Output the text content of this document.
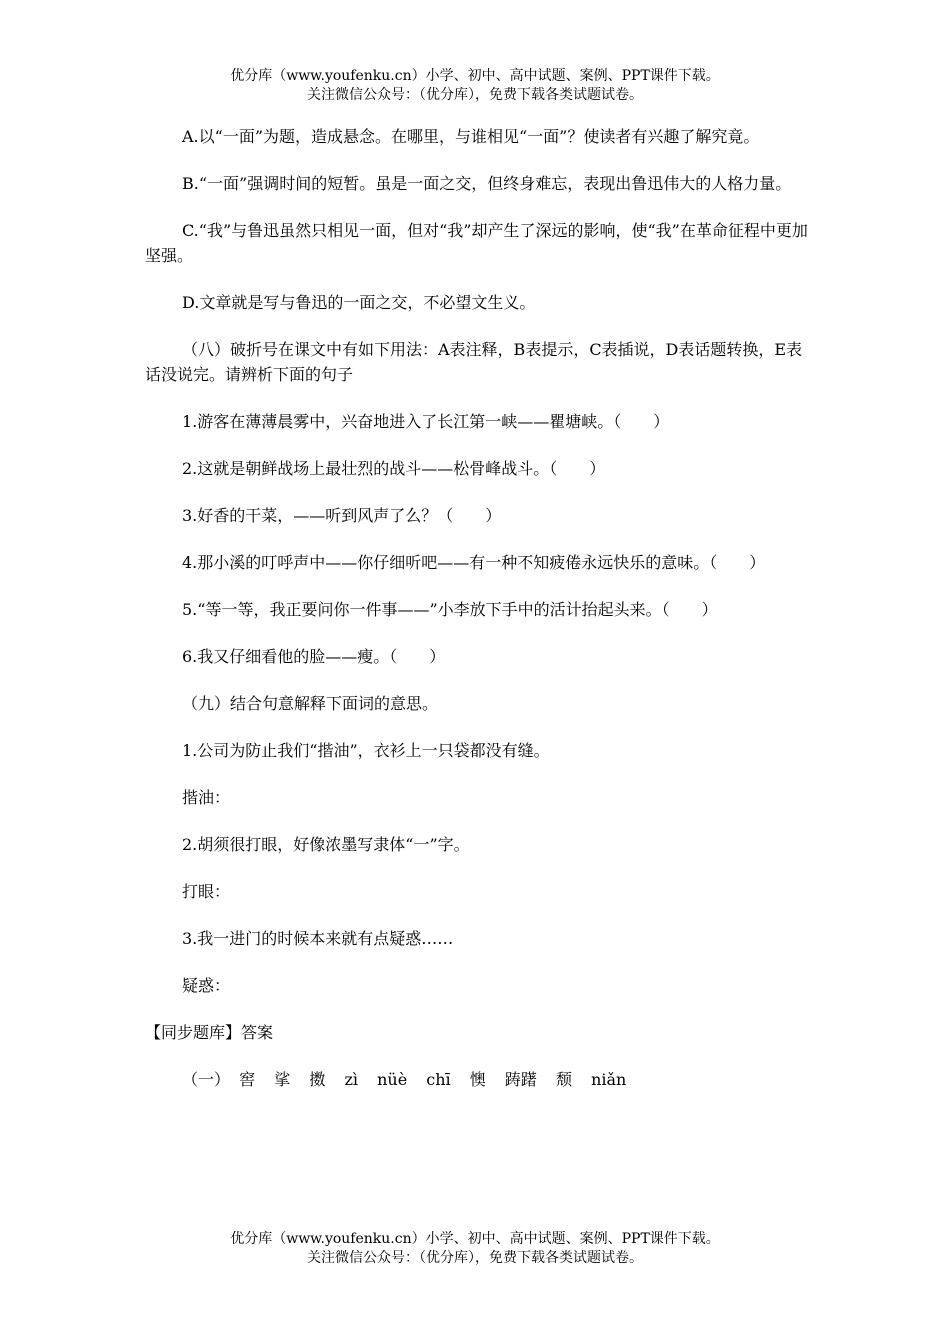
优分库（www.youfenku.cn）小学、初中、高中试题、案例、PPT课件下载。
关注微信公众号：（优分库），免费下载各类试题试卷。

A.以“一面”为题，造成悬念。在哪里，与谁相见“一面”？使读者有兴趣了解究竟。

B.“一面”强调时间的短暂。虽是一面之交，但终身难忘，表现出鲁迅伟大的人格力量。

C.“我”与鲁迅虽然只相见一面，但对“我”却产生了深远的影响，使“我”在革命征程中更加坚强。

D.文章就是写与鲁迅的一面之交，不必望文生义。

（八）破折号在课文中有如下用法：A表注释，B表提示，C表插说，D表话题转换，E表话没说完。请辨析下面的句子

1.游客在薄薄晨雾中，兴奋地进入了长江第一峡——瞿塘峡。（　　）

2.这就是朝鲜战场上最壮烈的战斗——松骨峰战斗。（　　）

3.好香的干菜，——听到风声了么？（　　）

4.那小溪的叮呼声中——你仔细听吧——有一种不知疲倦永远快乐的意味。（　　）

5.“等一等，我正要问你一件事——”小李放下手中的活计抬起头来。（　　）

6.我又仔细看他的脸——瘦。（　　）

（九）结合句意解释下面词的意思。

1.公司为防止我们“揩油”，衣衫上一只袋都没有缝。

揩油：

2.胡须很打眼，好像浓墨写隶体“一”字。

打眼：

3.我一进门的时候本来就有点疑惑……

疑惑：

【同步题库】答案

（一） 窖 挲 擞 zì nüè chī 懊 踌躇 颓 niǎn
优分库（www.youfenku.cn）小学、初中、高中试题、案例、PPT课件下载。
关注微信公众号：（优分库），免费下载各类试题试卷。
